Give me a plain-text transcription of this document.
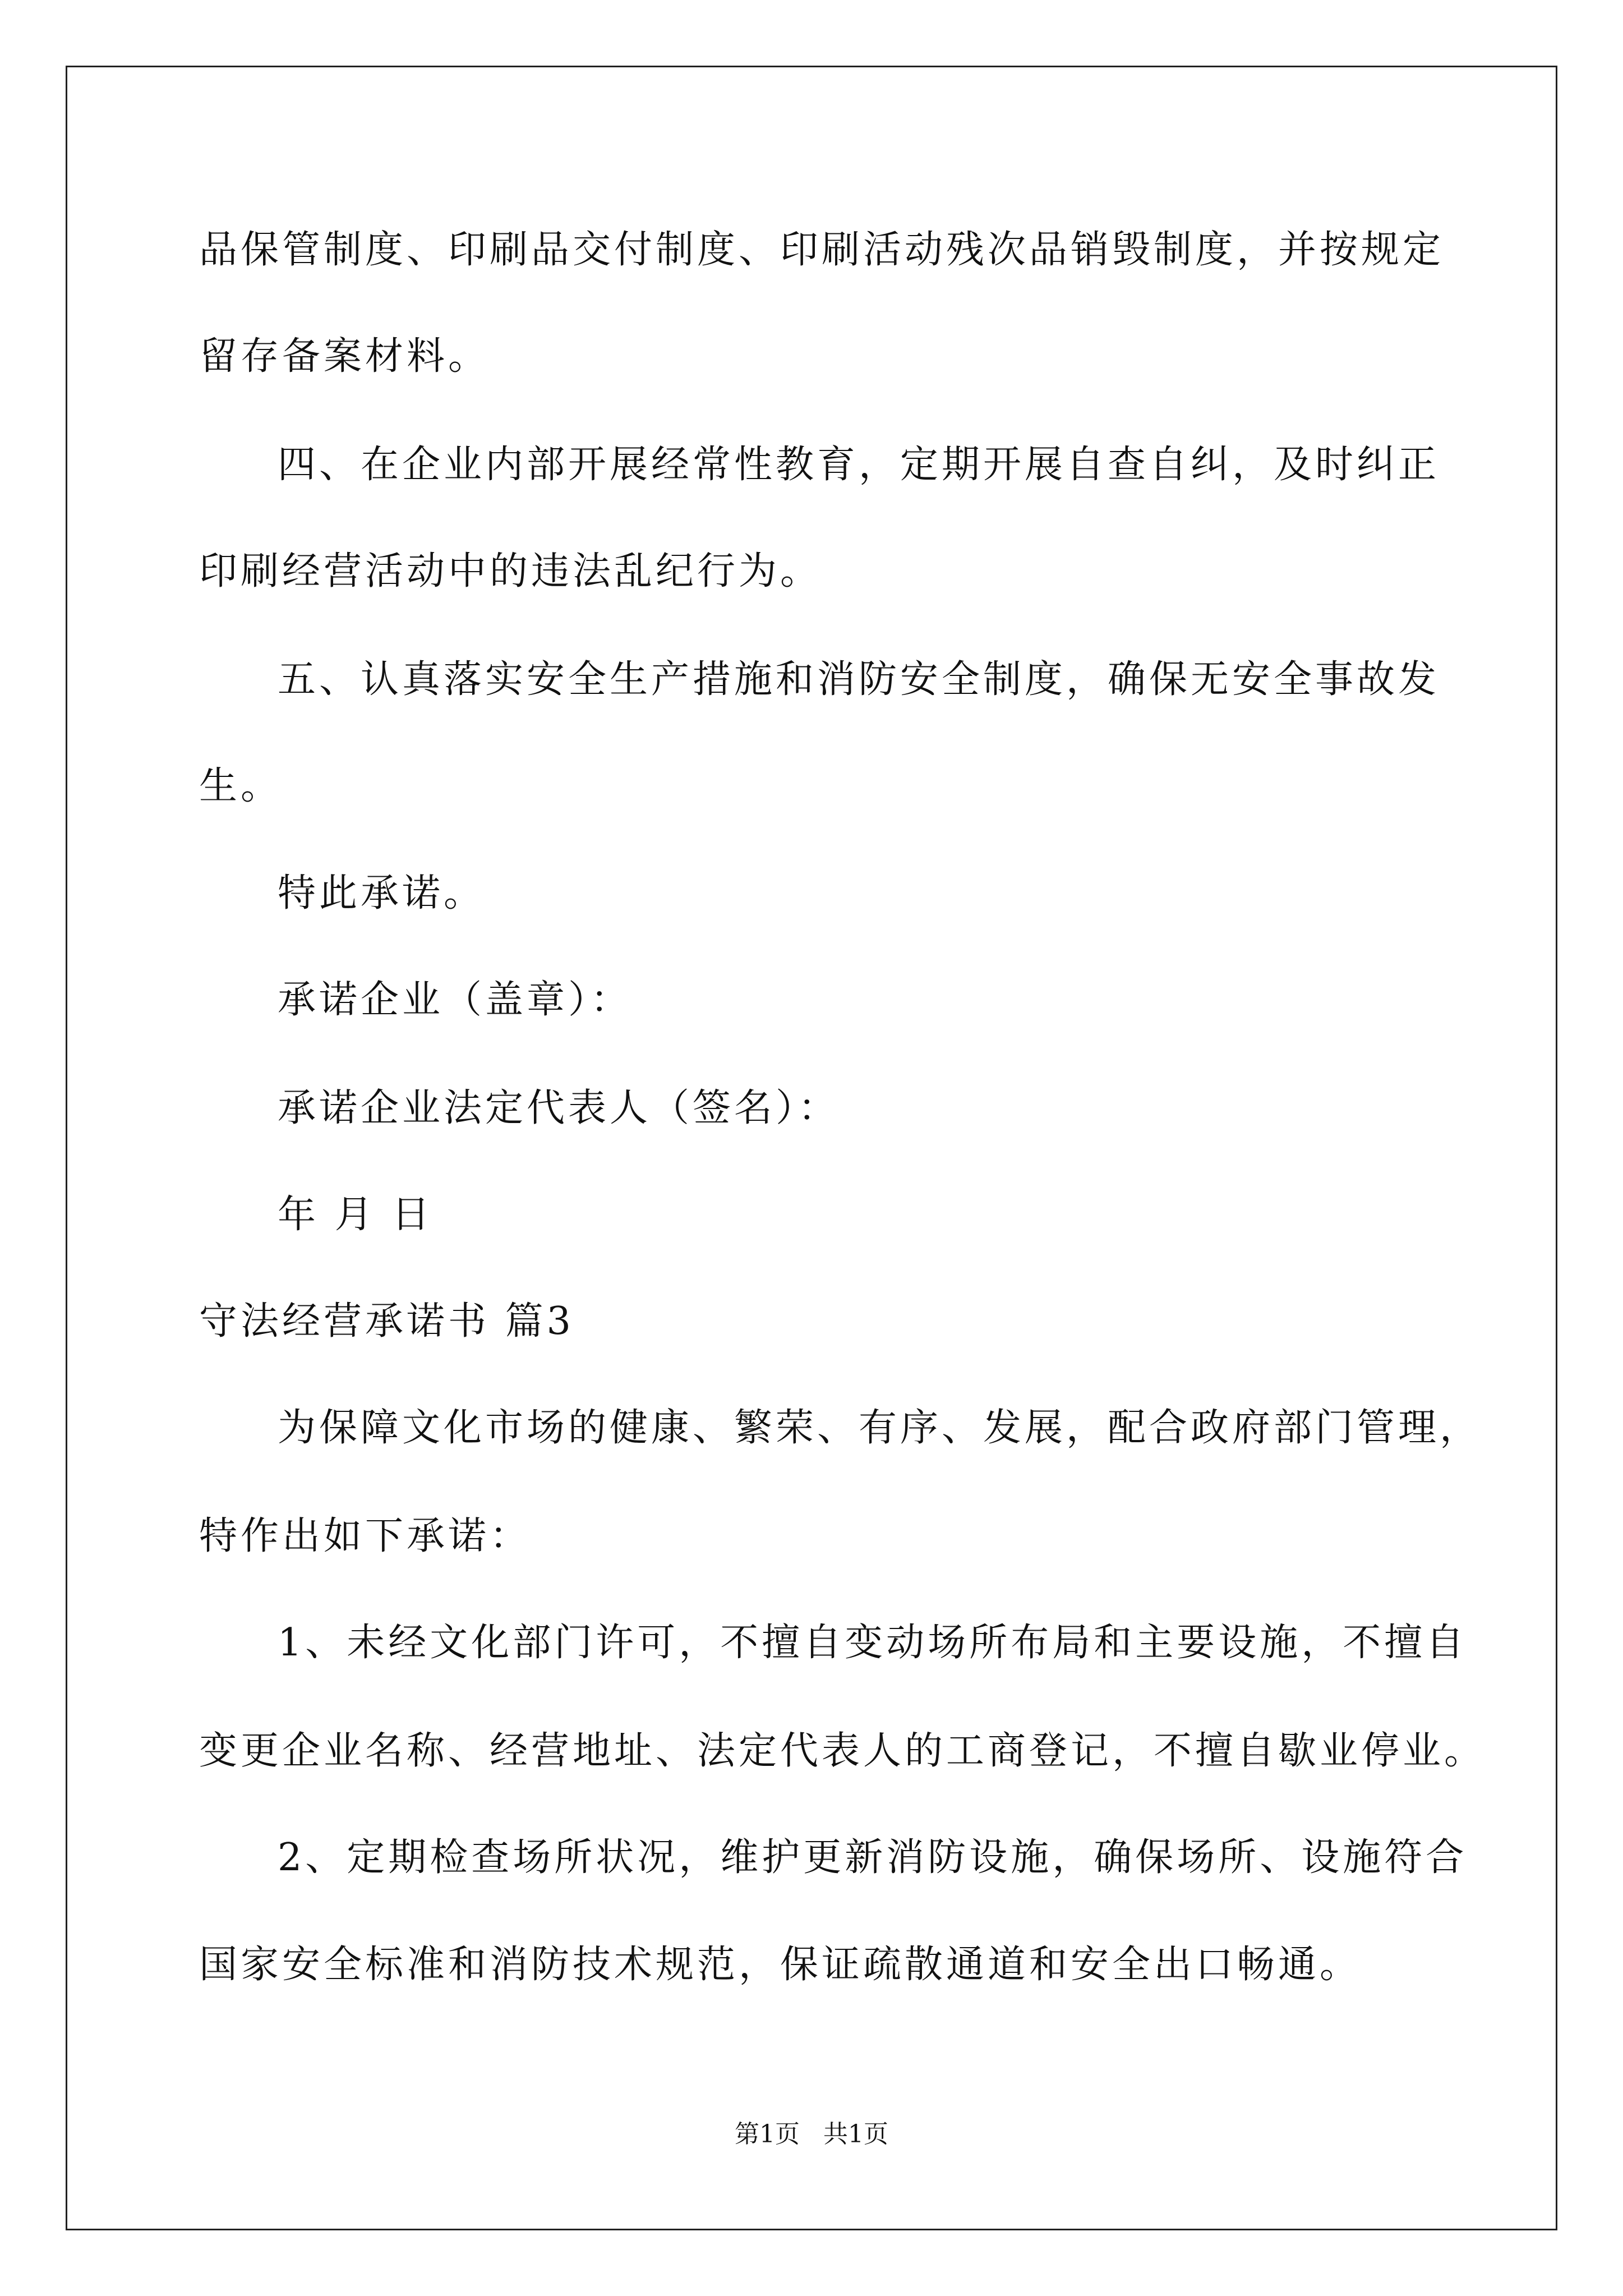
品保管制度、印刷品交付制度、印刷活动残次品销毁制度，并按规定
留存备案材料。
四、在企业内部开展经常性教育，定期开展自查自纠，及时纠正
印刷经营活动中的违法乱纪行为。
五、认真落实安全生产措施和消防安全制度，确保无安全事故发
生。
特此承诺。
承诺企业（盖章）：
承诺企业法定代表人（签名）：
年 月 日
守法经营承诺书 篇3
为保障文化市场的健康、繁荣、有序、发展，配合政府部门管理，
特作出如下承诺：
1、未经文化部门许可，不擅自变动场所布局和主要设施，不擅自
变更企业名称、经营地址、法定代表人的工商登记，不擅自歇业停业。
2、定期检查场所状况，维护更新消防设施，确保场所、设施符合
国家安全标准和消防技术规范，保证疏散通道和安全出口畅通。
第1页   共1页
